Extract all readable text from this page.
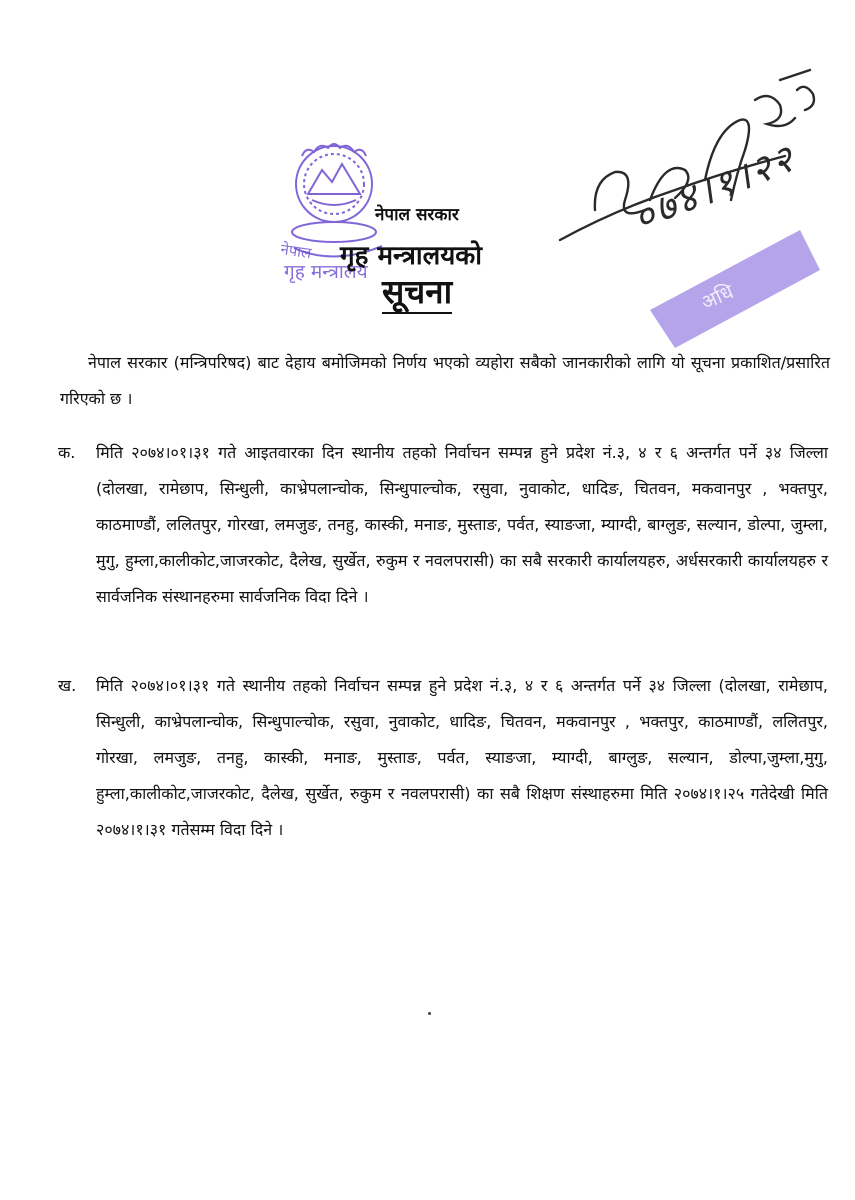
नेपाल
गृह मन्त्रालय
नेपाल सरकार
गृह मन्त्रालयको
सूचना	अधि
०७४।१।२२
नेपाल सरकार (मन्त्रिपरिषद) बाट देहाय बमोजिमको निर्णय भएको व्यहोरा सबैको जानकारीको लागि यो सूचना प्रकाशित/प्रसारित गरिएको छ ।
क.	मिति २०७४।०१।३१ गते आइतवारका दिन स्थानीय तहको निर्वाचन सम्पन्न हुने प्रदेश नं.३, ४ र ६ अन्तर्गत पर्ने ३४ जिल्ला (दोलखा, रामेछाप, सिन्धुली, काभ्रेपलान्चोक, सिन्धुपाल्चोक, रसुवा, नुवाकोट, धादिङ, चितवन, मकवानपुर , भक्तपुर, काठमाण्डौं, ललितपुर, गोरखा, लमजुङ, तनहु, कास्की, मनाङ, मुस्ताङ, पर्वत, स्याङजा, म्याग्दी, बाग्लुङ, सल्यान, डोल्पा, जुम्ला, मुगु, हुम्ला,कालीकोट,जाजरकोट, दैलेख, सुर्खेत, रुकुम र नवलपरासी) का सबै सरकारी कार्यालयहरु, अर्धसरकारी कार्यालयहरु र सार्वजनिक संस्थानहरुमा सार्वजनिक विदा दिने ।
ख.	मिति २०७४।०१।३१ गते स्थानीय तहको निर्वाचन सम्पन्न हुने प्रदेश नं.३, ४ र ६ अन्तर्गत पर्ने ३४ जिल्ला (दोलखा, रामेछाप, सिन्धुली, काभ्रेपलान्चोक, सिन्धुपाल्चोक, रसुवा, नुवाकोट, धादिङ, चितवन, मकवानपुर , भक्तपुर, काठमाण्डौं, ललितपुर, गोरखा, लमजुङ, तनहु, कास्की, मनाङ, मुस्ताङ, पर्वत, स्याङजा, म्याग्दी, बाग्लुङ, सल्यान, डोल्पा,जुम्ला,मुगु, हुम्ला,कालीकोट,जाजरकोट, दैलेख, सुर्खेत, रुकुम र नवलपरासी) का सबै शिक्षण संस्थाहरुमा मिति २०७४।१।२५ गतेदेखी मिति २०७४।१।३१ गतेसम्म विदा दिने ।
